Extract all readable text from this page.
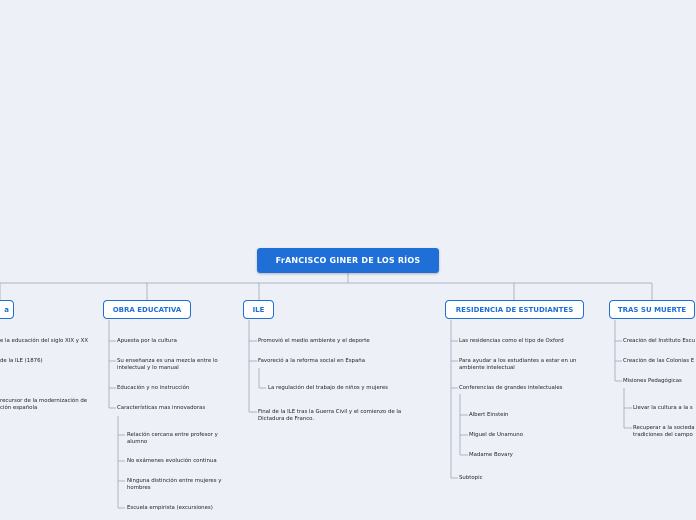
FrANCISCO GINER DE LOS RÍOS
a
e la educación del siglo XIX y XX
de la ILE (1876)
recursor de la modernización de ción española
OBRA EDUCATIVA
Apuesta por la cultura
Su enseñanza es una mezcla entre lo intelectual y lo manual
Educación y no instrucción
Características mas innovadoras
Relación cercana entre profesor y alumno
No exámenes evolución continua
Ninguna distinción entre mujeres y hombres
Escuela empirista (excursiones)
ILE
Promovió el medio ambiente y el deporte
Favoreció a la reforma social en España
La regulación del trabajo de niños y mujeres
Final de la ILE tras la Guerra Civil y el comienzo de la Dictadura de Franco.
RESIDENCIA DE ESTUDIANTES
Las residencias como el tipo de Oxford
Para ayudar a los estudiantes a estar en un ambiente intelectual
Conferencias de grandes intelectuales
Albert Einstein
Miguel de Unamuno
Madame Bovary
Subtopic
TRAS SU MUERTE
Creación del Instituto Escu
Creación de las Colonias E
Misiones Pedagógicas
Llevar la cultura a la s
Recuperar a la socieda tradiciones del campo
